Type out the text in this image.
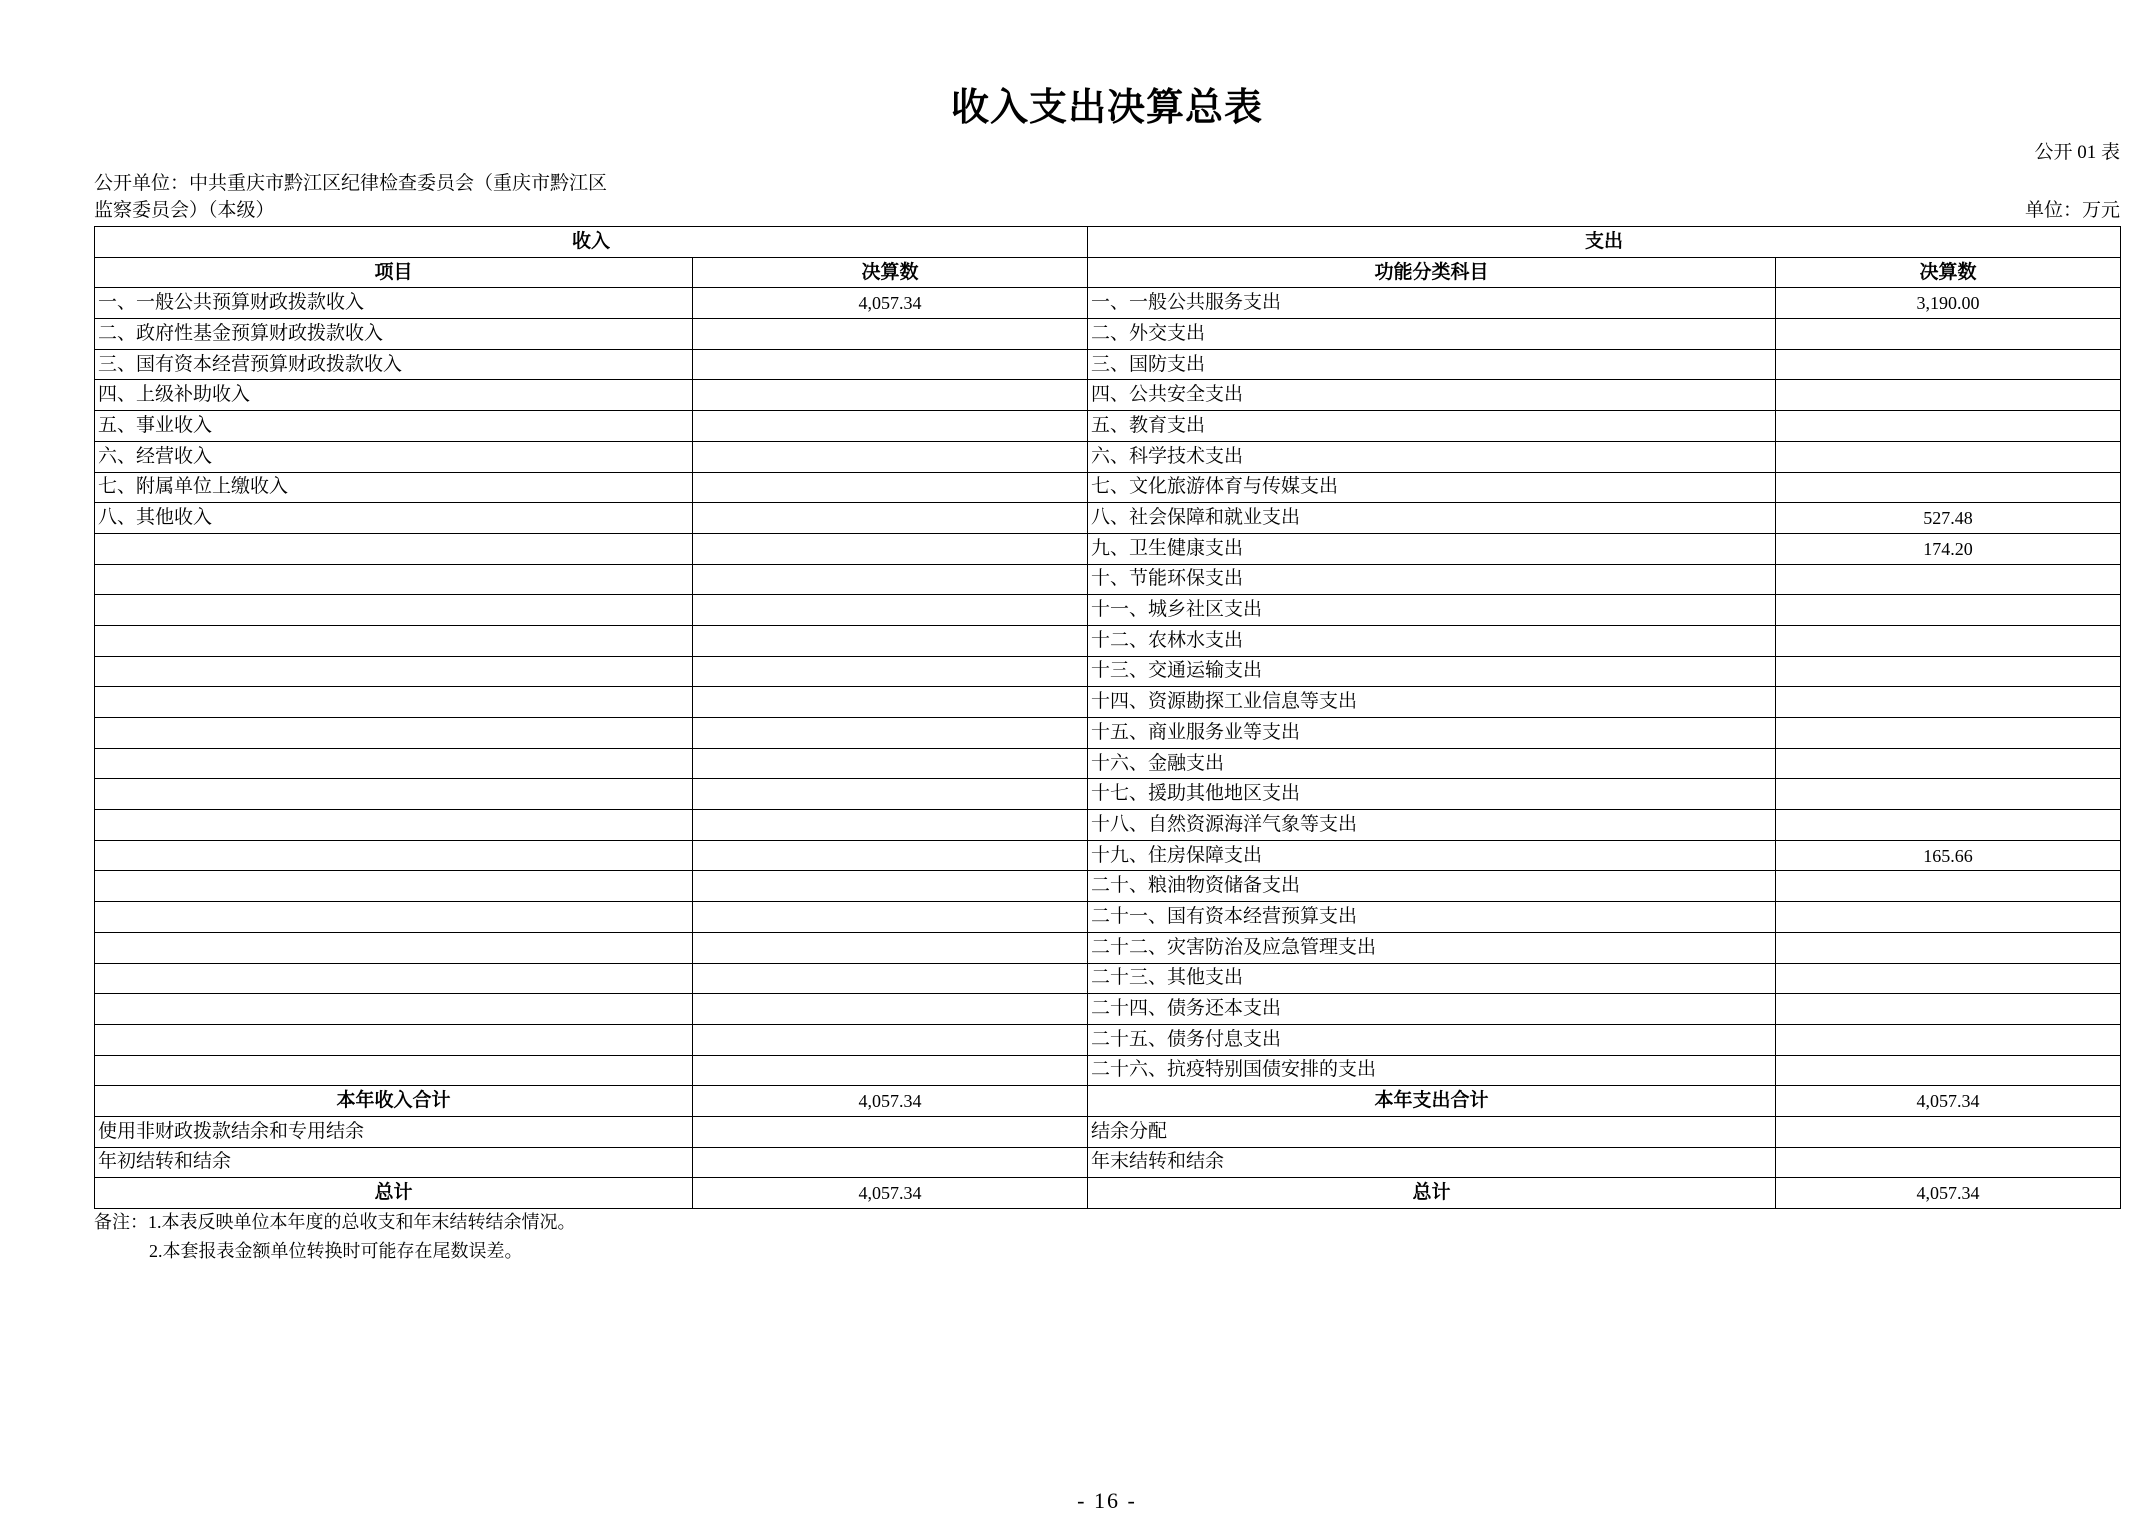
收入支出决算总表
公开 01 表
公开单位：中共重庆市黔江区纪律检查委员会（重庆市黔江区
监察委员会）（本级）	单位：万元
收入		支出	
项目	决算数	功能分类科目	决算数
一、一般公共预算财政拨款收入	4,057.34	一、一般公共服务支出	3,190.00
二、政府性基金预算财政拨款收入		二、外交支出	
三、国有资本经营预算财政拨款收入		三、国防支出	
四、上级补助收入		四、公共安全支出	
五、事业收入		五、教育支出	
六、经营收入		六、科学技术支出	
七、附属单位上缴收入		七、文化旅游体育与传媒支出	
八、其他收入		八、社会保障和就业支出	527.48
		九、卫生健康支出	174.20
		十、节能环保支出	
		十一、城乡社区支出	
		十二、农林水支出	
		十三、交通运输支出	
		十四、资源勘探工业信息等支出	
		十五、商业服务业等支出	
		十六、金融支出	
		十七、援助其他地区支出	
		十八、自然资源海洋气象等支出	
		十九、住房保障支出	165.66
		二十、粮油物资储备支出	
		二十一、国有资本经营预算支出	
		二十二、灾害防治及应急管理支出	
		二十三、其他支出	
		二十四、债务还本支出	
		二十五、债务付息支出	
		二十六、抗疫特别国债安排的支出	
本年收入合计	4,057.34	本年支出合计	4,057.34
使用非财政拨款结余和专用结余		结余分配	
年初结转和结余		年末结转和结余	
总计	4,057.34	总计	4,057.34
备注：1.本表反映单位本年度的总收支和年末结转结余情况。
2.本套报表金额单位转换时可能存在尾数误差。
- 16 -
